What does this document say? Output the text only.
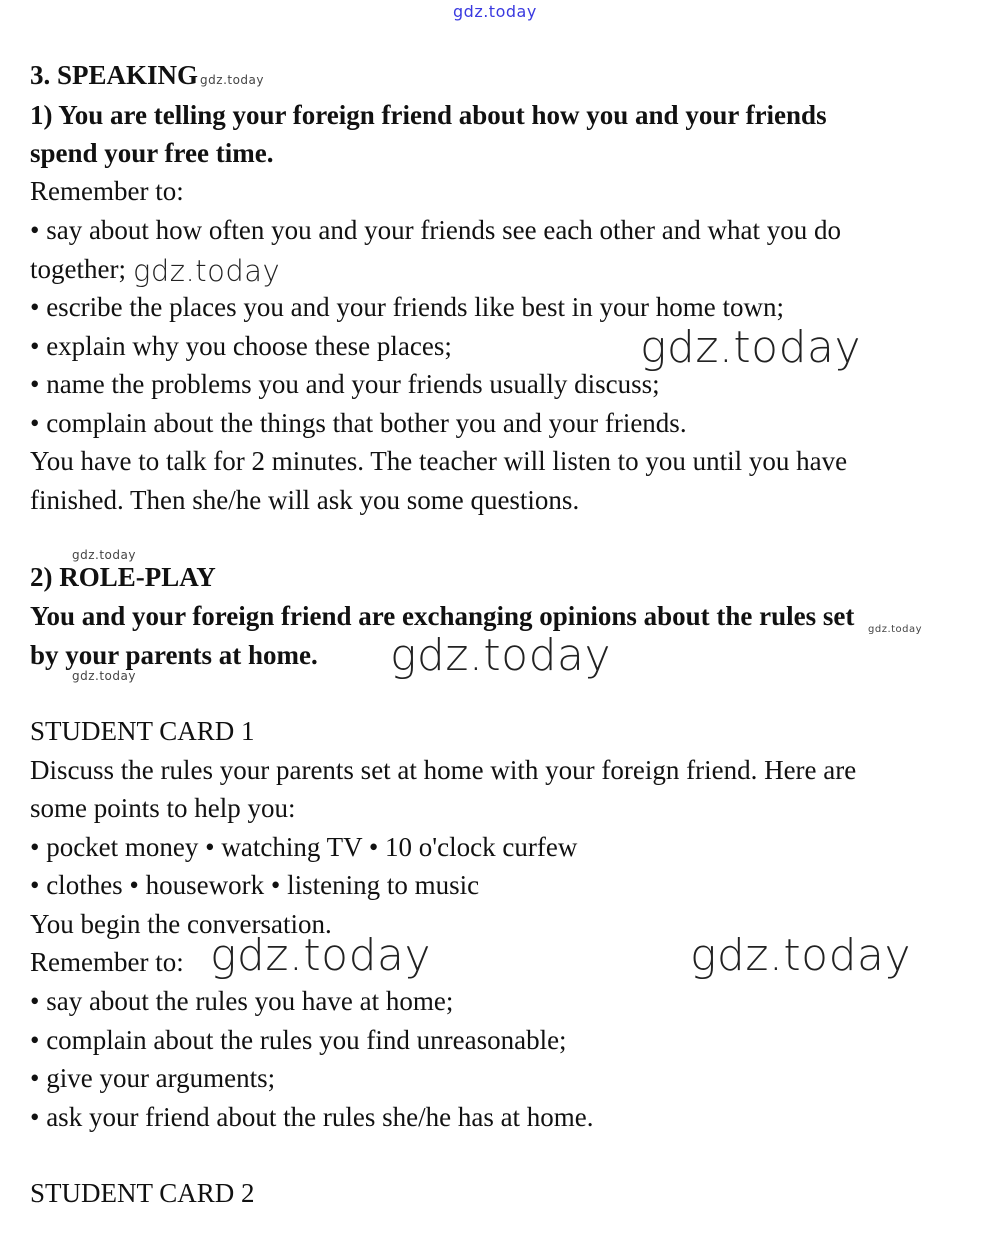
gdz.today
3. SPEAKING gdz.today
1) You are telling your foreign friend about how you and your friends
spend your free time.
Remember to:
• say about how often you and your friends see each other and what you do
together; gdz.today
• escribe the places you and your friends like best in your home town;
• explain why you choose these places;	gdz.today
• name the problems you and your friends usually discuss;
• complain about the things that bother you and your friends.
You have to talk for 2 minutes. The teacher will listen to you until you have
finished. Then she/he will ask you some questions.
gdz.today
2) ROLE-PLAY
You and your foreign friend are exchanging opinions about the rules set gdz.today
by your parents at home. gdz.today
gdz.today
STUDENT CARD 1
Discuss the rules your parents set at home with your foreign friend. Here are
some points to help you:
• pocket money • watching TV • 10 o'clock curfew
• clothes • housework • listening to music
You begin the conversation.
Remember to: gdz.today	gdz.today
• say about the rules you have at home;
• complain about the rules you find unreasonable;
• give your arguments;
• ask your friend about the rules she/he has at home.
STUDENT CARD 2
